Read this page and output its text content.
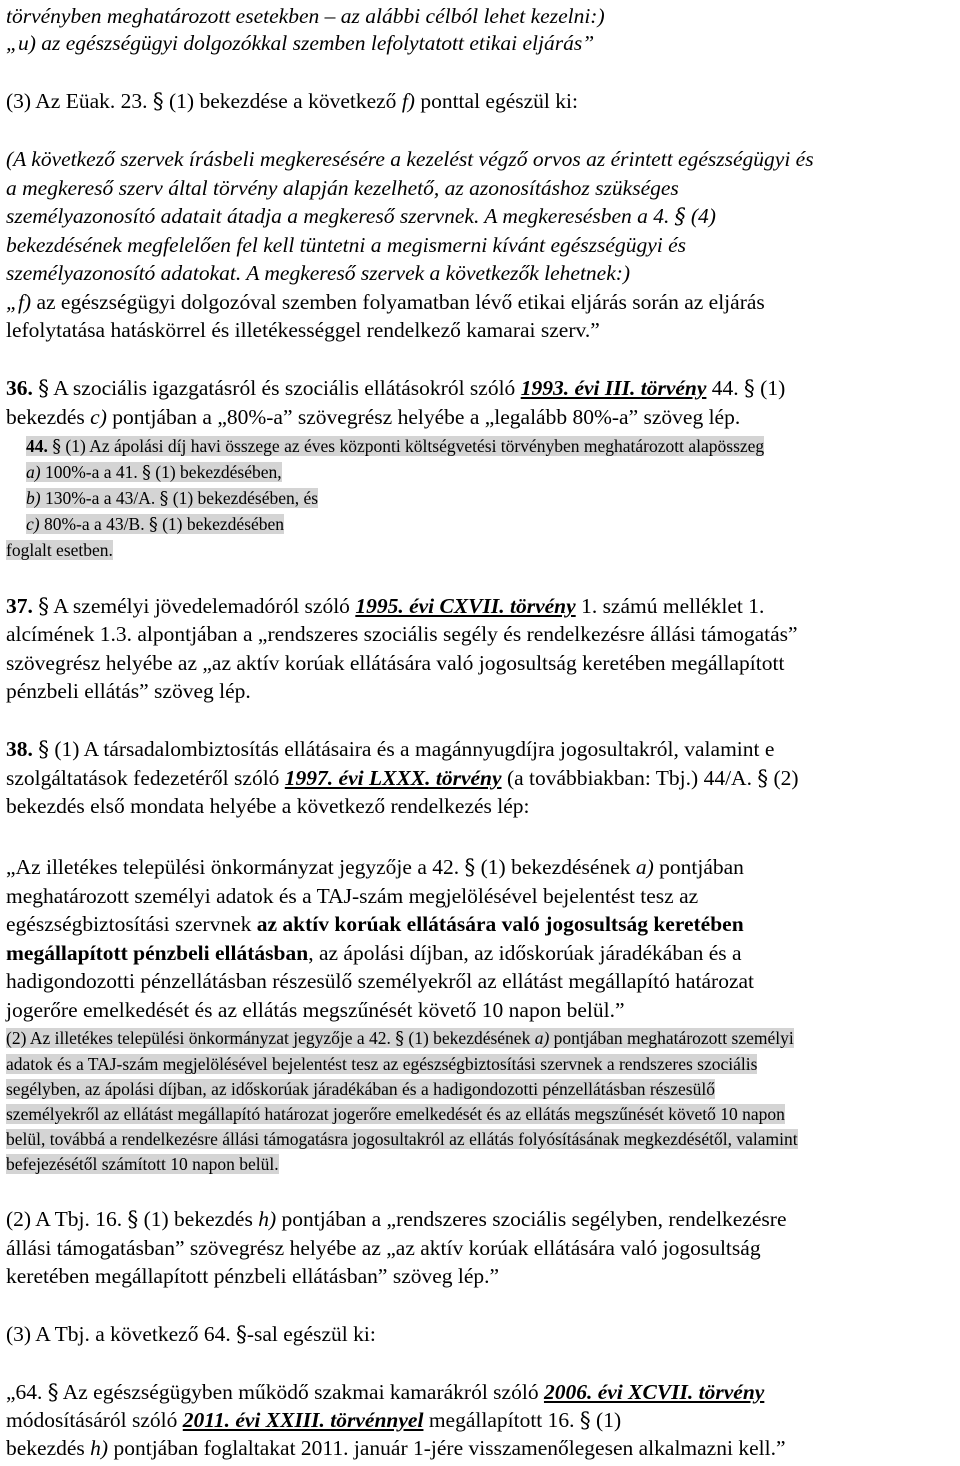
törvényben meghatározott esetekben – az alábbi célból lehet kezelni:)
„u) az egészségügyi dolgozókkal szemben lefolytatott etikai eljárás”
(3) Az Eüak. 23. § (1) bekezdése a következő f) ponttal egészül ki:
(A következő szervek írásbeli megkeresésére a kezelést végző orvos az érintett egészségügyi és
a megkereső szerv által törvény alapján kezelhető, az azonosításhoz szükséges
személyazonosító adatait átadja a megkereső szervnek. A megkeresésben a 4. § (4)
bekezdésének megfelelően fel kell tüntetni a megismerni kívánt egészségügyi és
személyazonosító adatokat. A megkereső szervek a következők lehetnek:)
„f) az egészségügyi dolgozóval szemben folyamatban lévő etikai eljárás során az eljárás
lefolytatása hatáskörrel és illetékességgel rendelkező kamarai szerv.”
36. § A szociális igazgatásról és szociális ellátásokról szóló 1993. évi III. törvény 44. § (1)
bekezdés c) pontjában a „80%-a” szövegrész helyébe a „legalább 80%-a” szöveg lép.
44. § (1) Az ápolási díj havi összege az éves központi költségvetési törvényben meghatározott alapösszeg
a) 100%-a a 41. § (1) bekezdésében,
b) 130%-a a 43/A. § (1) bekezdésében, és
c) 80%-a a 43/B. § (1) bekezdésében
foglalt esetben.
37. § A személyi jövedelemadóról szóló 1995. évi CXVII. törvény 1. számú melléklet 1.
alcímének 1.3. alpontjában a „rendszeres szociális segély és rendelkezésre állási támogatás”
szövegrész helyébe az „az aktív korúak ellátására való jogosultság keretében megállapított
pénzbeli ellátás” szöveg lép.
38. § (1) A társadalombiztosítás ellátásaira és a magánnyugdíjra jogosultakról, valamint e
szolgáltatások fedezetéről szóló 1997. évi LXXX. törvény (a továbbiakban: Tbj.) 44/A. § (2)
bekezdés első mondata helyébe a következő rendelkezés lép:
„Az illetékes települési önkormányzat jegyzője a 42. § (1) bekezdésének a) pontjában
meghatározott személyi adatok és a TAJ-szám megjelölésével bejelentést tesz az
egészségbiztosítási szervnek az aktív korúak ellátására való jogosultság keretében
megállapított pénzbeli ellátásban, az ápolási díjban, az időskorúak járadékában és a
hadigondozotti pénzellátásban részesülő személyekről az ellátást megállapító határozat
jogerőre emelkedését és az ellátás megszűnését követő 10 napon belül.”
(2) Az illetékes települési önkormányzat jegyzője a 42. § (1) bekezdésének a) pontjában meghatározott személyi
adatok és a TAJ-szám megjelölésével bejelentést tesz az egészségbiztosítási szervnek a rendszeres szociális
segélyben, az ápolási díjban, az időskorúak járadékában és a hadigondozotti pénzellátásban részesülő
személyekről az ellátást megállapító határozat jogerőre emelkedését és az ellátás megszűnését követő 10 napon
belül, továbbá a rendelkezésre állási támogatásra jogosultakról az ellátás folyósításának megkezdésétől, valamint
befejezésétől számított 10 napon belül.
(2) A Tbj. 16. § (1) bekezdés h) pontjában a „rendszeres szociális segélyben, rendelkezésre
állási támogatásban” szövegrész helyébe az „az aktív korúak ellátására való jogosultság
keretében megállapított pénzbeli ellátásban” szöveg lép.”
(3) A Tbj. a következő 64. §-sal egészül ki:
„64. § Az egészségügyben működő szakmai kamarákról szóló 2006. évi XCVII. törvény
módosításáról szóló 2011. évi XXIII. törvénnyel megállapított 16. § (1)
bekezdés h) pontjában foglaltakat 2011. január 1-jére visszamenőlegesen alkalmazni kell.”
